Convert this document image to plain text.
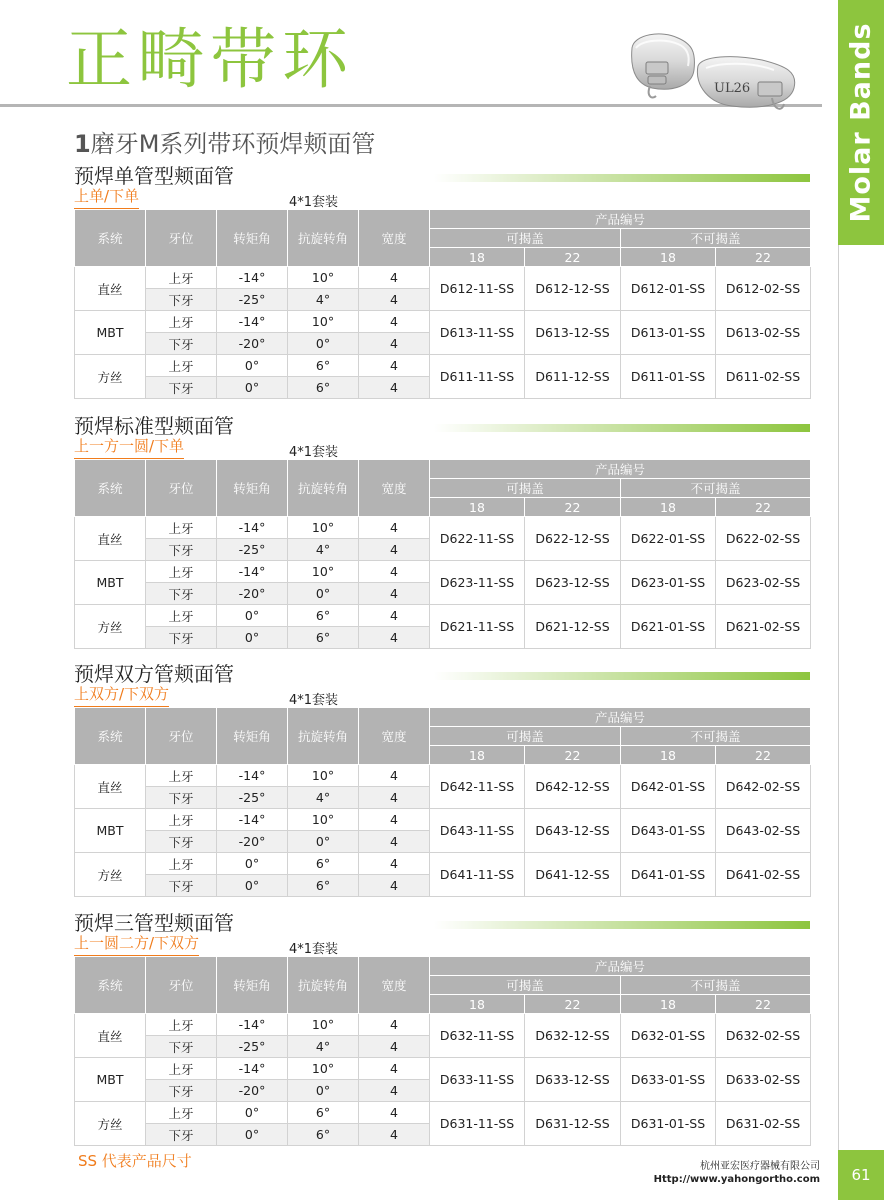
正畸带环	UL26	Molar Bands
61
1磨牙M系列带环预焊颊面管
预焊单管型颊面管
上单/下单	4*1套装
系统	牙位	转矩角	抗旋转角	宽度	产品编号			
					可揭盖		不可揭盖	
					18	22	18	22
直丝	上牙	-14°	10°	4	D612-11-SS	D612-12-SS	D612-01-SS	D612-02-SS
	下牙	-25°	4°	4				
MBT	上牙	-14°	10°	4	D613-11-SS	D613-12-SS	D613-01-SS	D613-02-SS
	下牙	-20°	0°	4				
方丝	上牙	0°	6°	4	D611-11-SS	D611-12-SS	D611-01-SS	D611-02-SS
	下牙	0°	6°	4				
预焊标准型颊面管
上一方一圆/下单	4*1套装
系统	牙位	转矩角	抗旋转角	宽度	产品编号			
					可揭盖		不可揭盖	
					18	22	18	22
直丝	上牙	-14°	10°	4	D622-11-SS	D622-12-SS	D622-01-SS	D622-02-SS
	下牙	-25°	4°	4				
MBT	上牙	-14°	10°	4	D623-11-SS	D623-12-SS	D623-01-SS	D623-02-SS
	下牙	-20°	0°	4				
方丝	上牙	0°	6°	4	D621-11-SS	D621-12-SS	D621-01-SS	D621-02-SS
	下牙	0°	6°	4				
预焊双方管颊面管
上双方/下双方	4*1套装
系统	牙位	转矩角	抗旋转角	宽度	产品编号			
					可揭盖		不可揭盖	
					18	22	18	22
直丝	上牙	-14°	10°	4	D642-11-SS	D642-12-SS	D642-01-SS	D642-02-SS
	下牙	-25°	4°	4				
MBT	上牙	-14°	10°	4	D643-11-SS	D643-12-SS	D643-01-SS	D643-02-SS
	下牙	-20°	0°	4				
方丝	上牙	0°	6°	4	D641-11-SS	D641-12-SS	D641-01-SS	D641-02-SS
	下牙	0°	6°	4				
预焊三管型颊面管
上一圆二方/下双方	4*1套装
系统	牙位	转矩角	抗旋转角	宽度	产品编号			
					可揭盖		不可揭盖	
					18	22	18	22
直丝	上牙	-14°	10°	4	D632-11-SS	D632-12-SS	D632-01-SS	D632-02-SS
	下牙	-25°	4°	4				
MBT	上牙	-14°	10°	4	D633-11-SS	D633-12-SS	D633-01-SS	D633-02-SS
	下牙	-20°	0°	4				
方丝	上牙	0°	6°	4	D631-11-SS	D631-12-SS	D631-01-SS	D631-02-SS
	下牙	0°	6°	4				
SS 代表产品尺寸	杭州亚宏医疗器械有限公司
Http://www.yahongortho.com
